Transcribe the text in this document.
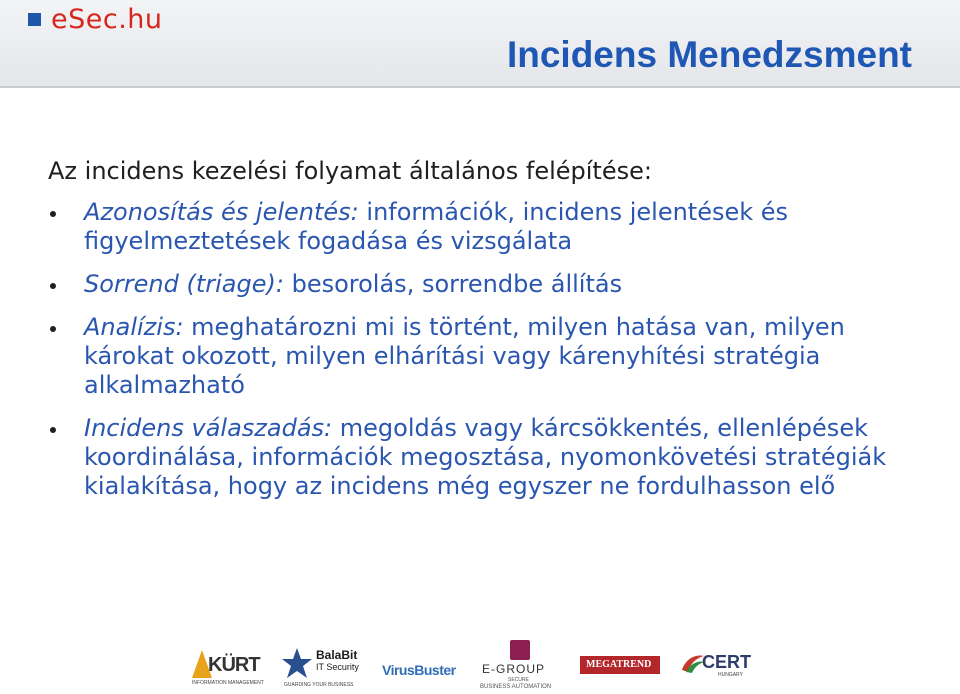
eSec.hu
Incidens Menedzsment

Az incidens kezelési folyamat általános felépítése:

Azonosítás és jelentés: információk, incidens jelentések és figyelmeztetések fogadása és vizsgálata
Sorrend (triage): besorolás, sorrendbe állítás
Analízis: meghatározni mi is történt, milyen hatása van, milyen károkat okozott, milyen elhárítási vagy kárenyhítési stratégia alkalmazható
Incidens válaszadás: megoldás vagy kárcsökkentés, ellenlépések koordinálása, információk megosztása, nyomonkövetési stratégiák kialakítása, hogy az incidens még egyszer ne fordulhasson elő
KÜRT
INFORMATION MANAGEMENT
BalaBit
IT Security
GUARDING YOUR BUSINESS
VirusBuster	E-GROUP
SECURE
BUSINESS AUTOMATION
MEGATREND	CERT
HUNGARY
